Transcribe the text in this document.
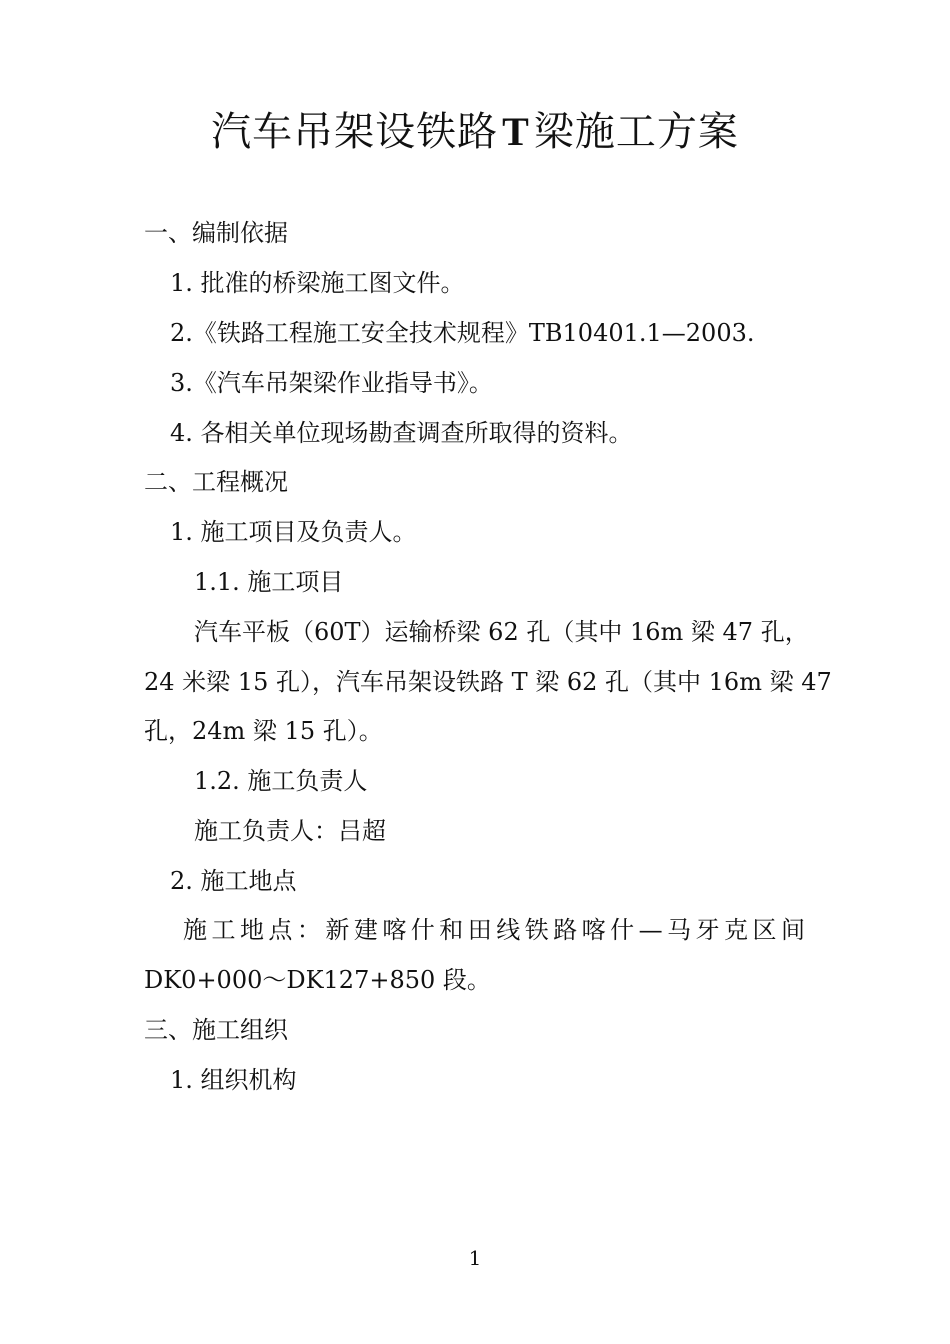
汽车吊架设铁路 T 梁施工方案
一、编制依据
1. 批准的桥梁施工图文件。
2.《铁路工程施工安全技术规程》TB10401.1—2003.
3.《汽车吊架梁作业指导书》。
4. 各相关单位现场勘查调查所取得的资料。
二、工程概况
1. 施工项目及负责人。
1.1. 施工项目
汽车平板（60T）运输桥梁 62 孔（其中 16m 梁 47 孔，
24 米梁 15 孔），汽车吊架设铁路 T 梁 62 孔（其中 16m 梁 47
孔，24m 梁 15 孔）。
1.2. 施工负责人
施工负责人：吕超
2. 施工地点
施工地点：新建喀什和田线铁路喀什—马牙克区间
DK0+000～DK127+850 段。
三、施工组织
1. 组织机构
1
